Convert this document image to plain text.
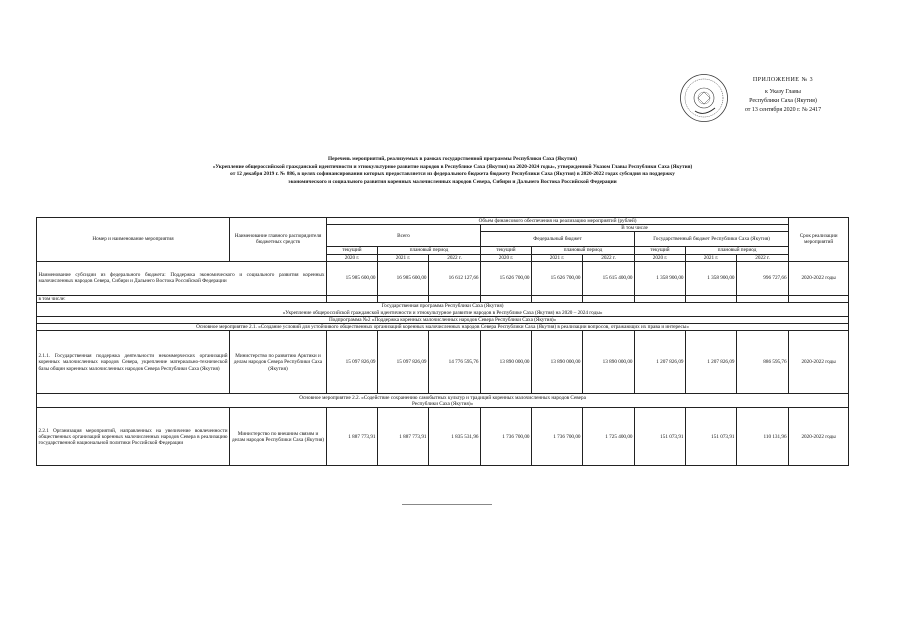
ПРИЛОЖЕНИЕ № 3
к Указу Главы
Республики Саха (Якутия)
от 13 сентября 2020 г. № 2417
Перечень мероприятий, реализуемых в рамках государственной программы Республики Саха (Якутия)
«Укрепление общероссийской гражданской идентичности и этнокультурное развитие народов в Республике Саха (Якутия) на 2020-2024 годы», утвержденной Указом Главы Республики Саха (Якутия)
от 12 декабря 2019 г. № 886, в целях софинансирования которых предоставляется из федерального бюджета бюджету Республики Саха (Якутия) в 2020-2022 годах субсидия на поддержку
экономического и социального развития коренных малочисленных народов Севера, Сибири и Дальнего Востока Российской Федерации
Номер и наименование мероприятия	Наименование главного распорядителя бюджетных средств	Объем финансового обеспечения на реализацию мероприятий (рублей)									Срок реализации мероприятий
		Всего			В том числе						
					Федеральный бюджет			Государственный бюджет Республики Саха (Якутия)			
		текущий	плановый период		текущий	плановый период		текущий	плановый период		
		2020 г.	2021 г.	2022 г.	2020 г.	2021 г.	2022 г.	2020 г.	2021 г.	2022 г.	
Наименование субсидии из федерального бюджета: Поддержка экономического и социального развития коренных малочисленных народов Севера, Сибири и Дальнего Востока Российской Федерации		15 985 600,00	16 985 600,00	16 612 127,66	15 626 700,00	15 626 700,00	15 615 400,00	1 358 900,00	1 358 900,00	996 727,66	2020-2022 годы
в том числе:											

Государственная программа Республики Саха (Якутия)
«Укрепление общероссийской гражданской идентичности и этнокультурное развитие народов в Республике Саха (Якутия) на 2020 – 2024 годы»											

Подпрограмма №2 «Поддержка коренных малочисленных народов Севера Республики Саха (Якутия)»											
Основное мероприятие 2.1. «Создание условий для устойчивого общественных организаций коренных малочисленных народов Севера Республики Саха (Якутия) в реализации вопросов, отражающих их права и интересы»											
2.1.1. Государственная поддержка деятельности некоммерческих организаций коренных малочисленных народов Севера, укрепление материально-технической базы общин коренных малочисленных народов Севера Республики Саха (Якутия)	Министерство по развитию Арктики и делам народов Севера Республики Саха (Якутия)	15 097 826,09	15 097 826,09	14 776 595,76	13 890 000,00	13 890 000,00	13 890 000,00	1 207 826,09	1 207 826,09	886 595,76	2020-2022 годы

Основное мероприятие 2.2. «Содействие сохранению самобытных культур и традиций коренных малочисленных народов Севера
Республики Саха (Якутия)»											

2.2.1 Организация мероприятий, направленных на увеличение вовлеченности общественных организаций коренных малочисленных народов Севера в реализацию государственной национальной политики Российской Федерации	Министерство по внешним связям и делам народов Республики Саха (Якутия)	1 887 773,91	1 887 773,91	1 835 531,96	1 736 700,00	1 736 700,00	1 725 400,00	151 073,91	151 073,91	110 131,96	2020-2022 годы
